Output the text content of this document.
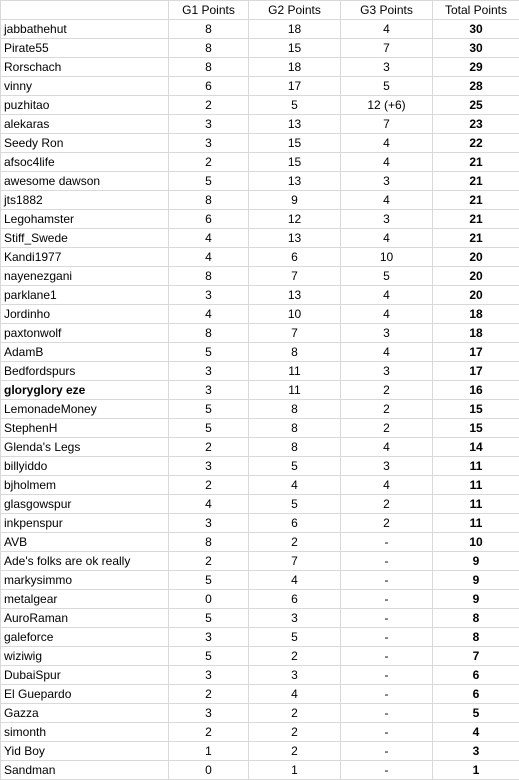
	G1 Points	G2 Points	G3 Points	Total Points
jabbathehut	8	18	4	30
Pirate55	8	15	7	30
Rorschach	8	18	3	29
vinny	6	17	5	28
puzhitao	2	5	12 (+6)	25
alekaras	3	13	7	23
Seedy Ron	3	15	4	22
afsoc4life	2	15	4	21
awesome dawson	5	13	3	21
jts1882	8	9	4	21
Legohamster	6	12	3	21
Stiff_Swede	4	13	4	21
Kandi1977	4	6	10	20
nayenezgani	8	7	5	20
parklane1	3	13	4	20
Jordinho	4	10	4	18
paxtonwolf	8	7	3	18
AdamB	5	8	4	17
Bedfordspurs	3	11	3	17
gloryglory eze	3	11	2	16
LemonadeMoney	5	8	2	15
StephenH	5	8	2	15
Glenda's Legs	2	8	4	14
billyiddo	3	5	3	11
bjholmem	2	4	4	11
glasgowspur	4	5	2	11
inkpenspur	3	6	2	11
AVB	8	2	-	10
Ade's folks are ok really	2	7	-	9
markysimmo	5	4	-	9
metalgear	0	6	-	9
AuroRaman	5	3	-	8
galeforce	3	5	-	8
wiziwig	5	2	-	7
DubaiSpur	3	3	-	6
El Guepardo	2	4	-	6
Gazza	3	2	-	5
simonth	2	2	-	4
Yid Boy	1	2	-	3
Sandman	0	1	-	1
